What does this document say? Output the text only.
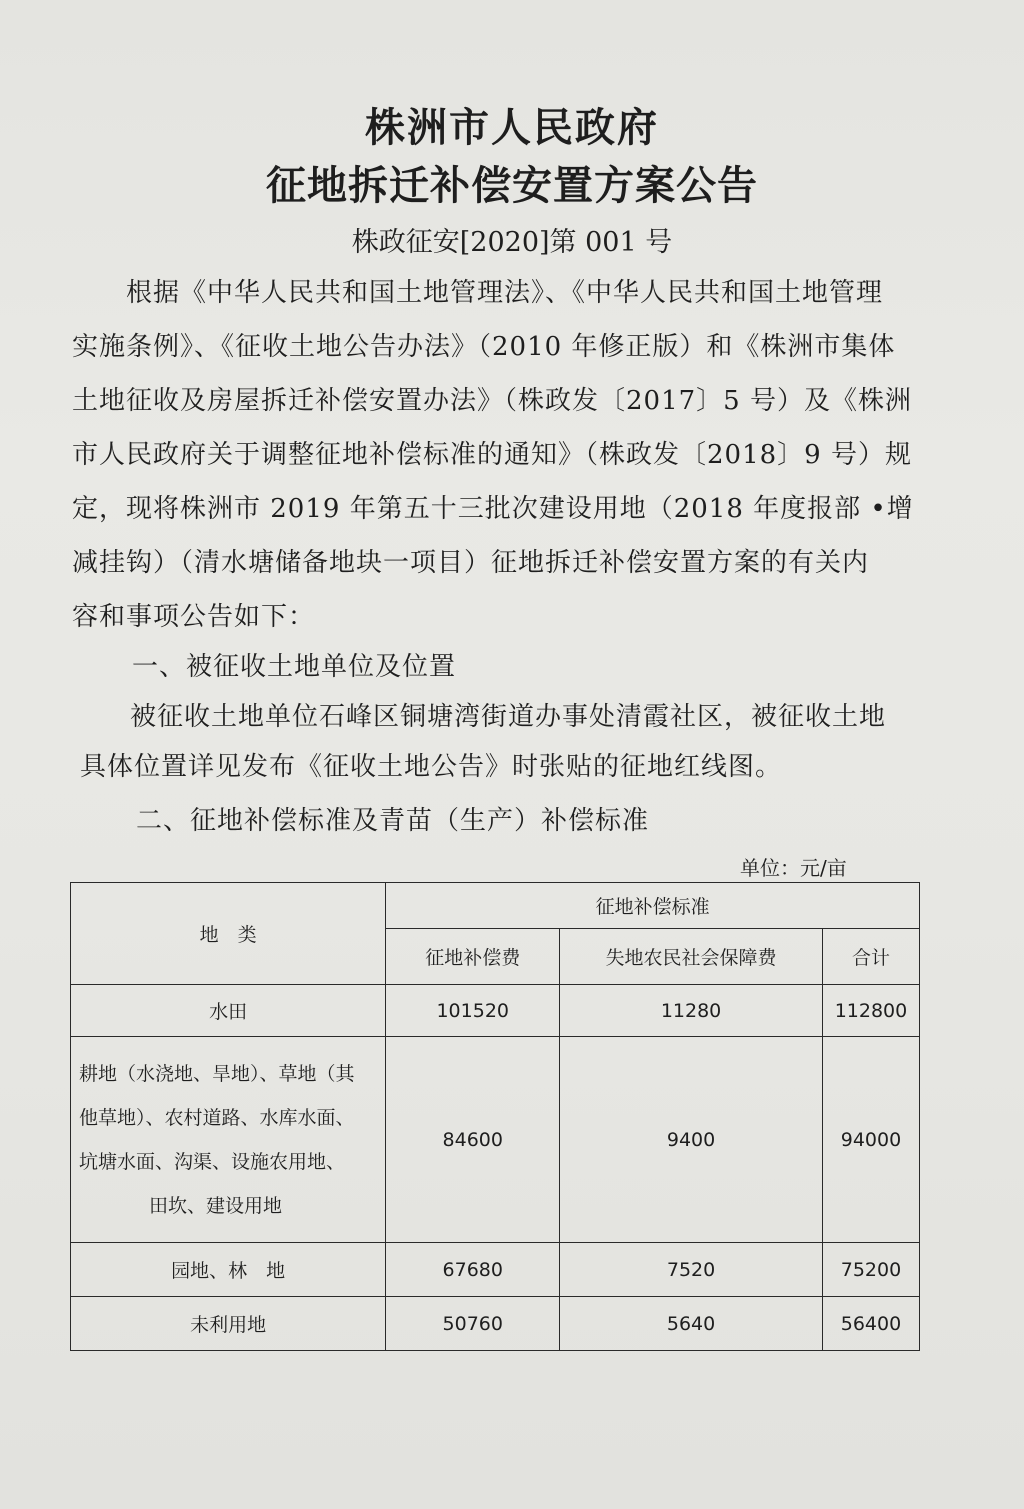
株洲市人民政府
征地拆迁补偿安置方案公告
株政征安[2020]第 001 号
根据《中华人民共和国土地管理法》、《中华人民共和国土地管理
实施条例》、《征收土地公告办法》（2010 年修正版）和《株洲市集体
土地征收及房屋拆迁补偿安置办法》（株政发〔2017〕5 号）及《株洲
市人民政府关于调整征地补偿标准的通知》（株政发〔2018〕9 号）规
定，现将株洲市 2019 年第五十三批次建设用地（2018 年度报部 •增
减挂钩）（清水塘储备地块一项目）征地拆迁补偿安置方案的有关内
容和事项公告如下：
一、被征收土地单位及位置
被征收土地单位石峰区铜塘湾街道办事处清霞社区，被征收土地
具体位置详见发布《征收土地公告》时张贴的征地红线图。
二、征地补偿标准及青苗（生产）补偿标准
单位：元/亩
地　类	征地补偿标准		
	征地补偿费	失地农民社会保障费	合计
水田	101520	11280	112800

耕地（水浇地、旱地）、草地（其
他草地）、农村道路、水库水面、
坑塘水面、沟渠、设施农用地、
田坎、建设用地	84600	9400	94000
园地、林　地	67680	7520	75200
未利用地	50760	5640	56400
